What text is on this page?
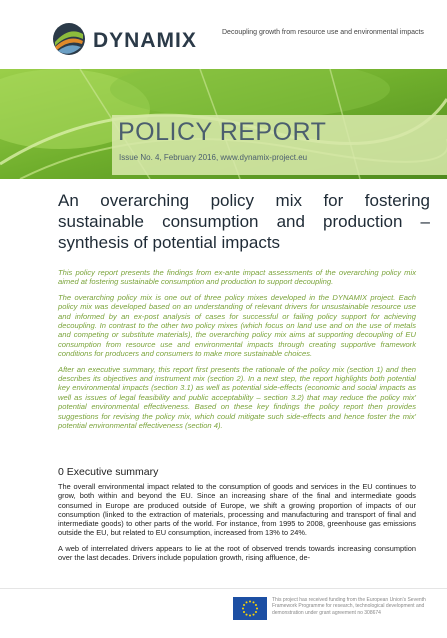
DYNAMIX	Decoupling growth from resource use and environmental impacts
POLICY REPORT
Issue No. 4, February 2016, www.dynamix-project.eu
An overarching policy mix for fostering sustainable consumption and production – synthesis of potential impacts

This policy report presents the findings from ex-ante impact assessments of the overarching policy mix aimed at fostering sustainable consumption and production to support decoupling.

The overarching policy mix is one out of three policy mixes developed in the DYNAMIX project. Each policy mix was developed based on an understanding of relevant drivers for unsustainable resource use and informed by an ex-post analysis of cases for successful or failing policy support for achieving decoupling. In contrast to the other two policy mixes (which focus on land use and on the use of metals and competing or substitute materials), the overarching policy mix aims at supporting decoupling of EU consumption from resource use and environmental impacts through creating supportive framework conditions for producers and consumers to make more sustainable choices.

After an executive summary, this report first presents the rationale of the policy mix (section 1) and then describes its objectives and instrument mix (section 2). In a next step, the report highlights both potential key environmental impacts (section 3.1) as well as potential side-effects (economic and social impacts as well as issues of legal feasibility and public acceptability – section 3.2) that may reduce the policy mix' potential environmental effectiveness. Based on these key findings the policy report then provides suggestions for revising the policy mix, which could mitigate such side-effects and hence foster the mix' potential environmental effectiveness (section 4).

0 Executive summary

The overall environmental impact related to the consumption of goods and services in the EU continues to grow, both within and beyond the EU. Since an increasing share of the final and intermediate goods consumed in Europe are produced outside of Europe, we shift a growing proportion of impacts of our consumption (linked to the extraction of materials, processing and manufacturing and transport of final and intermediate goods) to other parts of the world. For instance, from 1995 to 2008, greenhouse gas emissions outside the EU, but related to EU consumption, increased from 13% to 24%.

A web of interrelated drivers appears to lie at the root of observed trends towards increasing consumption over the last decades. Drivers include population growth, rising affluence, de-

This project has received funding from the European Union's Seventh Framework Programme for research, technological development and demonstration under grant agreement no 308674
